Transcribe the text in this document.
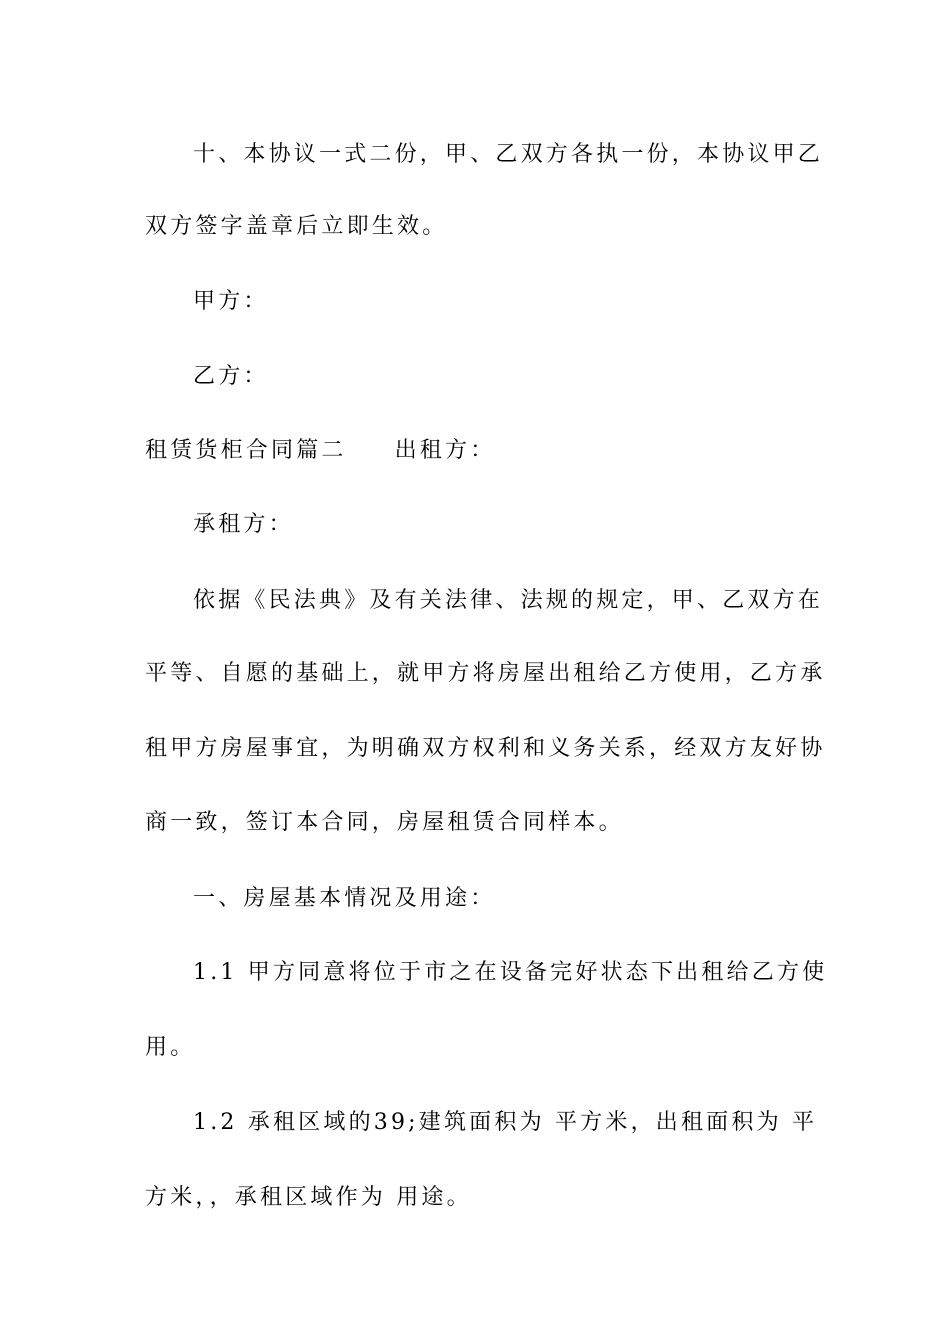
十、本协议一式二份，甲、乙双方各执一份，本协议甲乙
双方签字盖章后立即生效。
甲方：
乙方：
租赁货柜合同篇二 出租方：
承租方：
依据《民法典》及有关法律、法规的规定，甲、乙双方在
平等、自愿的基础上，就甲方将房屋出租给乙方使用，乙方承
租甲方房屋事宜，为明确双方权利和义务关系，经双方友好协
商一致，签订本合同，房屋租赁合同样本。
一、房屋基本情况及用途：
1.1 甲方同意将位于市之在设备完好状态下出租给乙方使
用。
1.2 承租区域的39;建筑面积为 平方米，出租面积为 平
方米，，承租区域作为 用途。
